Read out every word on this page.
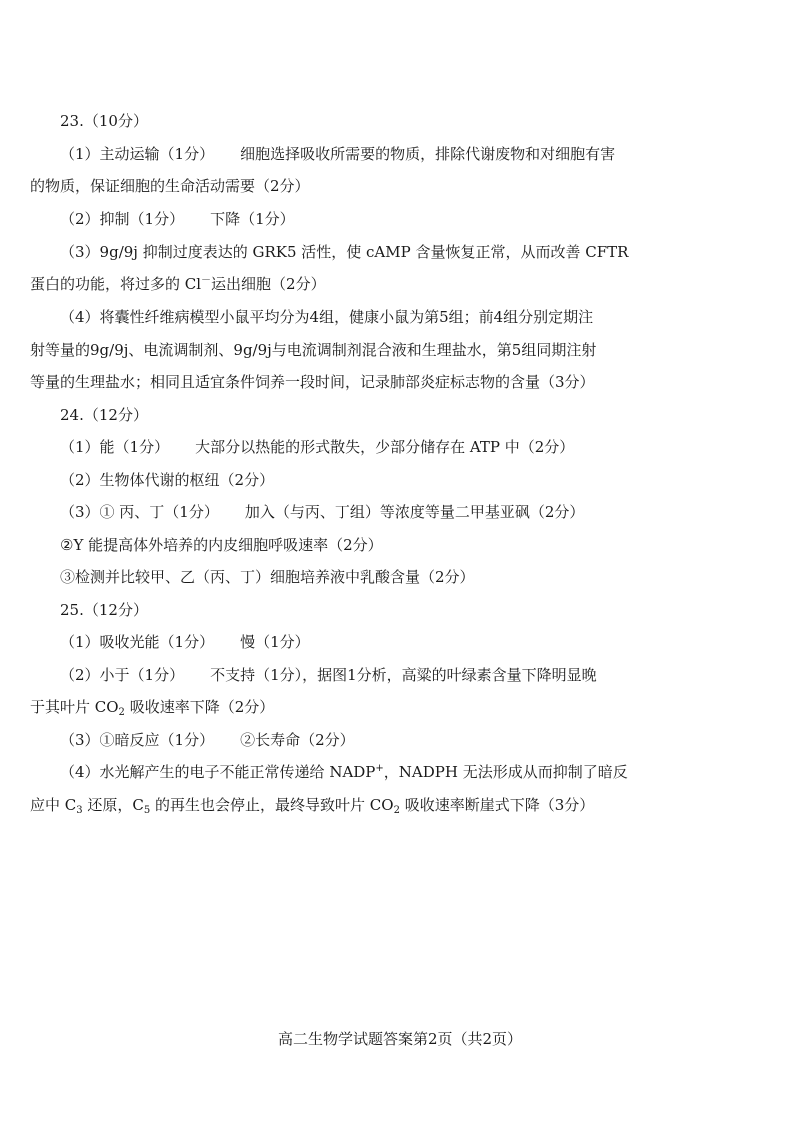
23.（10分）
（1）主动运输（1分） 细胞选择吸收所需要的物质，排除代谢废物和对细胞有害
的物质，保证细胞的生命活动需要（2分）
（2）抑制（1分） 下降（1分）
（3）9g/9j 抑制过度表达的 GRK5 活性，使 cAMP 含量恢复正常，从而改善 CFTR
蛋白的功能，将过多的 Cl－运出细胞（2分）
（4）将囊性纤维病模型小鼠平均分为4组，健康小鼠为第5组；前4组分别定期注
射等量的9g/9j、电流调制剂、9g/9j与电流调制剂混合液和生理盐水，第5组同期注射
等量的生理盐水；相同且适宜条件饲养一段时间，记录肺部炎症标志物的含量（3分）
24.（12分）
（1）能（1分） 大部分以热能的形式散失，少部分储存在 ATP 中（2分）
（2）生物体代谢的枢纽（2分）
（3）① 丙、丁（1分） 加入（与丙、丁组）等浓度等量二甲基亚砜（2分）
②Y 能提高体外培养的内皮细胞呼吸速率（2分）
③检测并比较甲、乙（丙、丁）细胞培养液中乳酸含量（2分）
25.（12分）
（1）吸收光能（1分） 慢（1分）
（2）小于（1分） 不支持（1分），据图1分析，高粱的叶绿素含量下降明显晚
于其叶片 $CO_2$ 吸收速率下降（2分）
（3）①暗反应（1分） ②长寿命（2分）
（4）水光解产生的电子不能正常传递给 NADP+，NADPH 无法形成从而抑制了暗反
应中 $C_3$ 还原，$C_5$ 的再生也会停止，最终导致叶片 $CO_2$ 吸收速率断崖式下降（3分）
高二生物学试题答案第2页（共2页）
